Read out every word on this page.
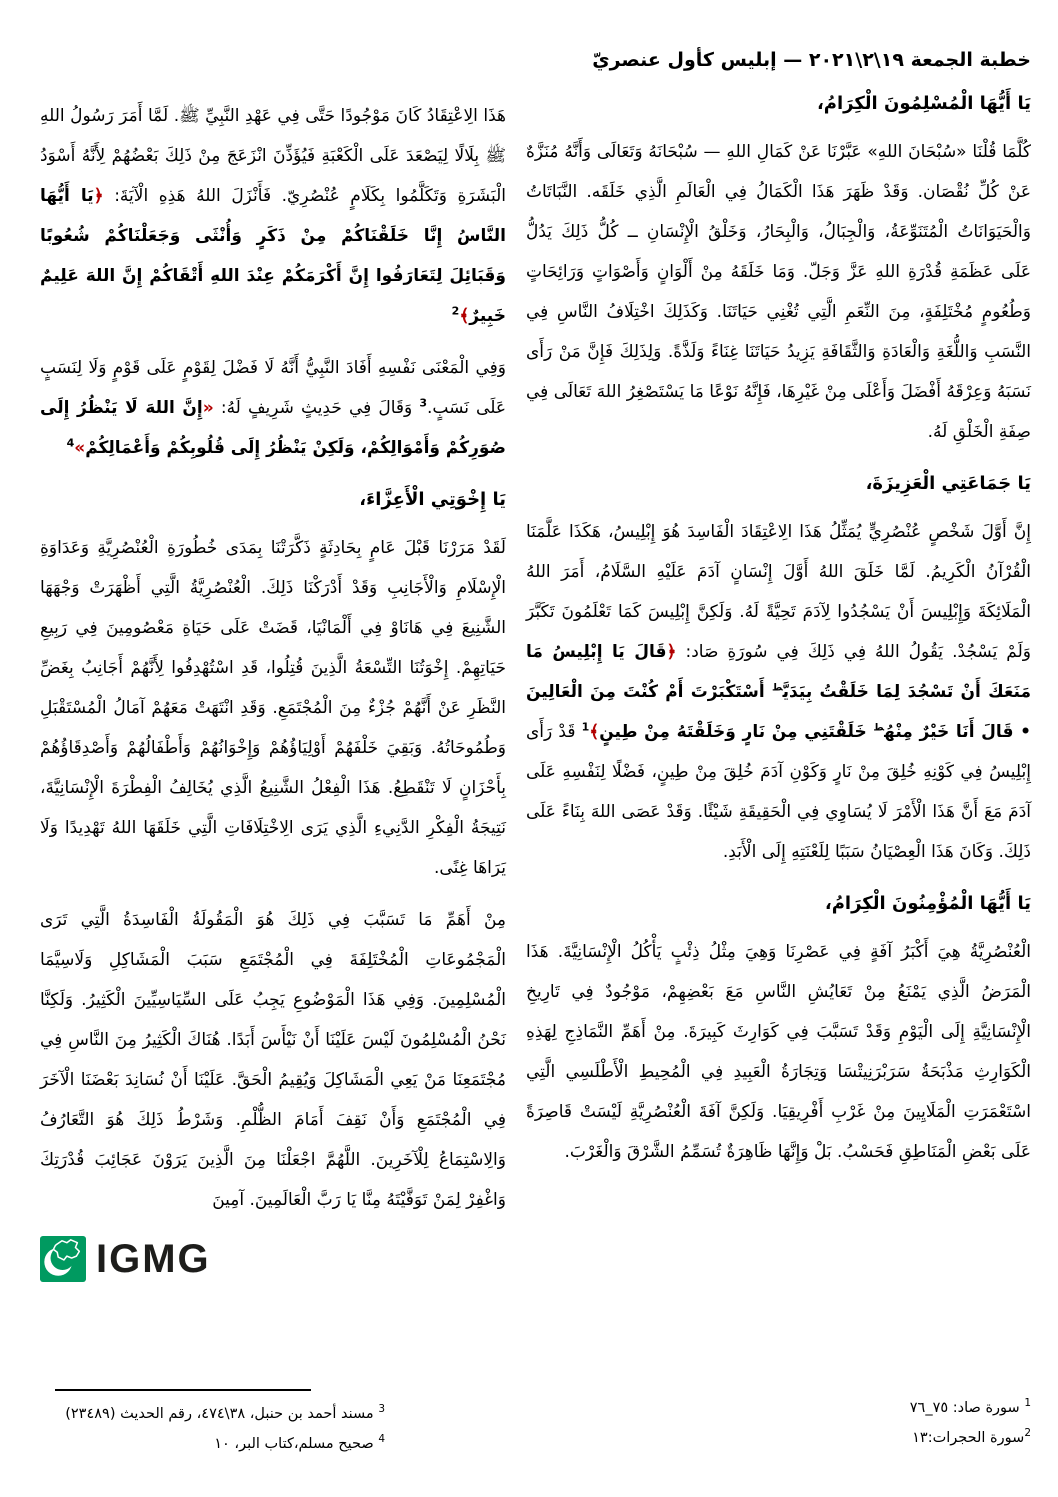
خطبة الجمعة ١٩\٢\٢٠٢١ — إبليس كأول عنصريّ
يَا أَيُّهَا الْمُسْلِمُونَ الْكِرَامُ،

كُلَّمَا قُلْنَا «سُبْحَانَ اللهِ» عَبَّرْنَا عَنْ كَمَالِ اللهِ — سُبْحَانَهُ وَتَعَالَى وَأَنَّهُ مُنَزَّهٌ عَنْ كُلِّ نُقْصَان. وَقَدْ ظَهَرَ هَذَا الْكَمَالُ فِي الْعَالَمِ الَّذِي خَلَقَه. النَّبَاتَاتُ وَالْحَيَوَانَاتُ الْمُتَنَوِّعَةُ، وَالْجِبَالُ، وَالْبِحَارُ، وَخَلْقُ الْإِنْسَانِ ــ كُلُّ ذَلِكَ يَدُلُّ عَلَى عَظَمَةِ قُدْرَةِ اللهِ عَزَّ وَجَلّ. وَمَا خَلَقَهُ مِنْ أَلْوَانٍ وَأَصْوَاتٍ وَرَائِحَاتٍ وَطُعُومٍ مُخْتَلِفَةٍ، مِنَ النِّعَمِ الَّتِي تُغْنِي حَيَاتَنَا. وَكَذَلِكَ اخْتِلَافُ النَّاسِ فِي النَّسَبِ وَاللُّغَةِ وَالْعَادَةِ وَالثَّقَافَةِ يَزِيدُ حَيَاتَنَا غِنَاءً وَلَذَّةً. وَلِذَلِكَ فَإِنَّ مَنْ رَأَى نَسَبَهُ وَعِرْقَهُ أَفْضَلَ وَأَعْلَى مِنْ غَيْرِهَا، فَإِنَّهُ نَوْعًا مَا يَسْتَصْغِرُ اللهَ تَعَالَى فِي صِفَةِ الْخَلْقِ لَهُ.

يَا جَمَاعَتِي الْعَزِيزَةَ،

إِنَّ أَوَّلَ شَخْصٍ عُنْصُرِيٍّ يُمَثِّلُ هَذَا الِاعْتِقَادَ الْفَاسِدَ هُوَ إِبْلِيسُ، هَكَذَا عَلَّمَنَا الْقُرْآنُ الْكَرِيمُ. لَمَّا خَلَقَ اللهُ أَوَّلَ إِنْسَانٍ آدَمَ عَلَيْهِ السَّلَامُ، أَمَرَ اللهُ الْمَلَائِكَةَ وَإِبْلِيسَ أَنْ يَسْجُدُوا لِآدَمَ تَحِيَّةً لَهُ. وَلَكِنَّ إِبْلِيسَ كَمَا تَعْلَمُونَ تَكَبَّرَ وَلَمْ يَسْجُدْ. يَقُولُ اللهُ فِي ذَلِكَ فِي سُورَةِ صَاد: ﴿قَالَ يَا إِبْلِيسُ مَا مَنَعَكَ أَنْ تَسْجُدَ لِمَا خَلَقْتُ بِيَدَيَّ$^ط$ أَسْتَكْبَرْتَ أَمْ كُنْتَ مِنَ الْعَالِينَ • قَالَ أَنَا خَيْرٌ مِنْهُ$^ط$ خَلَقْتَنِي مِنْ نَارٍ وَخَلَقْتَهُ مِنْ طِينٍ﴾$^1$ قَدْ رَأَى إِبْلِيسُ فِي كَوْنِهِ خُلِقَ مِنْ نَارٍ وَكَوْنِ آدَمَ خُلِقَ مِنْ طِينٍ، فَضْلًا لِنَفْسِهِ عَلَى آدَمَ مَعَ أَنَّ هَذَا الْأَمْرَ لَا يُسَاوِي فِي الْحَقِيقَةِ شَيْئًا. وَقَدْ عَصَى اللهَ بِنَاءً عَلَى ذَلِكَ. وَكَانَ هَذَا الْعِصْيَانُ سَبَبًا لِلَعْنَتِهِ إِلَى الْأَبَدِ.

يَا أَيُّهَا الْمُؤْمِنُونَ الْكِرَامُ،

الْعُنْصُرِيَّةُ هِيَ أَكْبَرُ آفَةٍ فِي عَصْرِنَا وَهِيَ مِثْلُ ذِئْبٍ يَأْكُلُ الْإِنْسَانِيَّةَ. هَذَا الْمَرَضُ الَّذِي يَمْنَعُ مِنْ تَعَايُشِ النَّاسِ مَعَ بَعْضِهِمْ، مَوْجُودٌ فِي تَارِيخِ الْإِنْسَانِيَّةِ إِلَى الْيَوْمِ وَقَدْ تَسَبَّبَ فِي كَوَارِثَ كَبِيرَةَ. مِنْ أَهَمِّ النَّمَاذِجِ لِهَذِهِ الْكَوَارِثِ مَذْبَحَةُ سَرَبْرَنِيتْسَا وَتِجَارَةُ الْعَبِيدِ فِي الْمُحِيطِ الْأَطْلَسِي الَّتِي اسْتَعْمَرَتِ الْمَلَايِينَ مِنْ غَرْبِ أَفْرِيقِيَا. وَلَكِنَّ آفَةَ الْعُنْصُرِيَّةِ لَيْسَتْ قَاصِرَةً عَلَى بَعْضِ الْمَنَاطِقِ فَحَسْبُ. بَلْ وَإِنَّهَا ظَاهِرَةٌ تُسَمِّمُ الشَّرْقَ وَالْغَرْبَ.

هَذَا الِاعْتِقَادُ كَانَ مَوْجُودًا حَتَّى فِي عَهْدِ النَّبِيِّ ﷺ. لَمَّا أَمَرَ رَسُولُ اللهِ ﷺ بِلَالًا لِيَصْعَدَ عَلَى الْكَعْبَةِ فَيُؤَذِّنَ انْزَعَجَ مِنْ ذَلِكَ بَعْضُهُمْ لِأَنَّهُ أَسْوَدُ الْبَشَرَةِ وَتَكَلَّمُوا بِكَلَامٍ عُنْصُرِيّ. فَأَنْزَلَ اللهُ هَذِهِ الْآيَةَ: ﴿يَا أَيُّهَا النَّاسُ إِنَّا خَلَقْنَاكُمْ مِنْ ذَكَرٍ وَأُنْثَى وَجَعَلْنَاكُمْ شُعُوبًا وَقَبَائِلَ لِتَعَارَفُوا إِنَّ أَكْرَمَكُمْ عِنْدَ اللهِ أَتْقَاكُمْ إِنَّ اللهَ عَلِيمٌ خَبِيرٌ﴾$^2$

وَفِي الْمَعْنَى نَفْسِهِ أَفَادَ النَّبِيُّ أَنَّهُ لَا فَضْلَ لِقَوْمٍ عَلَى قَوْمٍ وَلَا لِنَسَبٍ عَلَى نَسَبٍ.$^3$ وَقَالَ فِي حَدِيثٍ شَرِيفٍ لَهُ: «إِنَّ اللهَ لَا يَنْظُرُ إِلَى صُوَرِكُمْ وَأَمْوَالِكُمْ، وَلَكِنْ يَنْظُرُ إِلَى قُلُوبِكُمْ وَأَعْمَالِكُمْ»$^4$

يَا إِخْوَتِي الْأَعِزَّاءَ،

لَقَدْ مَرَرْنَا قَبْلَ عَامٍ بِحَادِثَةٍ ذَكَّرَتْنَا بِمَدَى خُطُورَةِ الْعُنْصُرِيَّةِ وَعَدَاوَةِ الْإِسْلَامِ وَالْأَجَانِبِ وَقَدْ أَدْرَكْنَا ذَلِكَ. الْعُنْصُرِيَّةُ الَّتِي أَظْهَرَتْ وَجْهَهَا الشَّنِيعَ فِي هَانَاوْ فِي أَلْمَانْيَا، قَضَتْ عَلَى حَيَاةِ مَعْصُومِينَ فِي رَبِيعِ حَيَاتِهِمْ. إِخْوَتُنَا التِّسْعَةُ الَّذِينَ قُتِلُوا، قَدِ اسْتُهْدِفُوا لِأَنَّهُمْ أَجَانِبُ بِغَضِّ النَّظَرِ عَنْ أَنَّهُمْ جُزْءٌ مِنَ الْمُجْتَمَعِ. وَقَدِ انْتَهَتْ مَعَهُمْ آمَالُ الْمُسْتَقْبَلِ وَطُمُوحَاتُهُ. وَبَقِيَ خَلْفَهُمْ أَوْلِيَاؤُهُمْ وَإِخْوَانُهُمْ وَأَطْفَالُهُمْ وَأَصْدِقَاؤُهُمْ بِأَحْزَانٍ لَا تَنْقَطِعُ. هَذَا الْفِعْلُ الشَّنِيعُ الَّذِي يُخَالِفُ الْفِطْرَةَ الْإِنْسَانِيَّةَ، نَتِيجَةُ الْفِكْرِ الدَّنِيءِ الَّذِي يَرَى الِاخْتِلَافَاتِ الَّتِي خَلَقَهَا اللهُ تَهْدِيدًا وَلَا يَرَاهَا غِنًى.

مِنْ أَهَمِّ مَا تَسَبَّبَ فِي ذَلِكَ هُوَ الْمَقُولَةُ الْفَاسِدَةُ الَّتِي تَرَى الْمَجْمُوعَاتِ الْمُخْتَلِفَةَ فِي الْمُجْتَمَعِ سَبَبَ الْمَشَاكِلِ وَلَاسِيَّمَا الْمُسْلِمِينَ. وَفِي هَذَا الْمَوْضُوعِ يَجِبُ عَلَى السِّيَاسِيِّينَ الْكَثِيرُ. وَلَكِنَّا نَحْنُ الْمُسْلِمُونَ لَيْسَ عَلَيْنَا أَنْ نَيْأَسَ أَبَدًا. هُنَاكَ الْكَثِيرُ مِنَ النَّاسِ فِي مُجْتَمَعِنَا مَنْ يَعِي الْمَشَاكِلَ وَيُقِيمُ الْحَقَّ. عَلَيْنَا أَنْ نُسَانِدَ بَعْضَنَا الْآخَرَ فِي الْمُجْتَمَعِ وَأَنْ نَقِفَ أَمَامَ الظُّلْمِ. وَشَرْطُ ذَلِكَ هُوَ التَّعَارُفُ وَالِاسْتِمَاعُ لِلْآخَرِينَ. اللَّهُمَّ اجْعَلْنَا مِنَ الَّذِينَ يَرَوْنَ عَجَائِبَ قُدْرَتِكَ وَاغْفِرْ لِمَنْ تَوَفَّيْتَهُ مِنَّا يَا رَبَّ الْعَالَمِينَ. آمِينَ

IGMG
$^1$ سورة صاد: ٧٥_٧٦
$^2$سورة الحجرات:١٣
$^3$ مسند أحمد بن حنبل، ٣٨\٤٧٤، رقم الحديث (٢٣٤٨٩)
$^4$ صحيح مسلم،كتاب البر، ١٠
